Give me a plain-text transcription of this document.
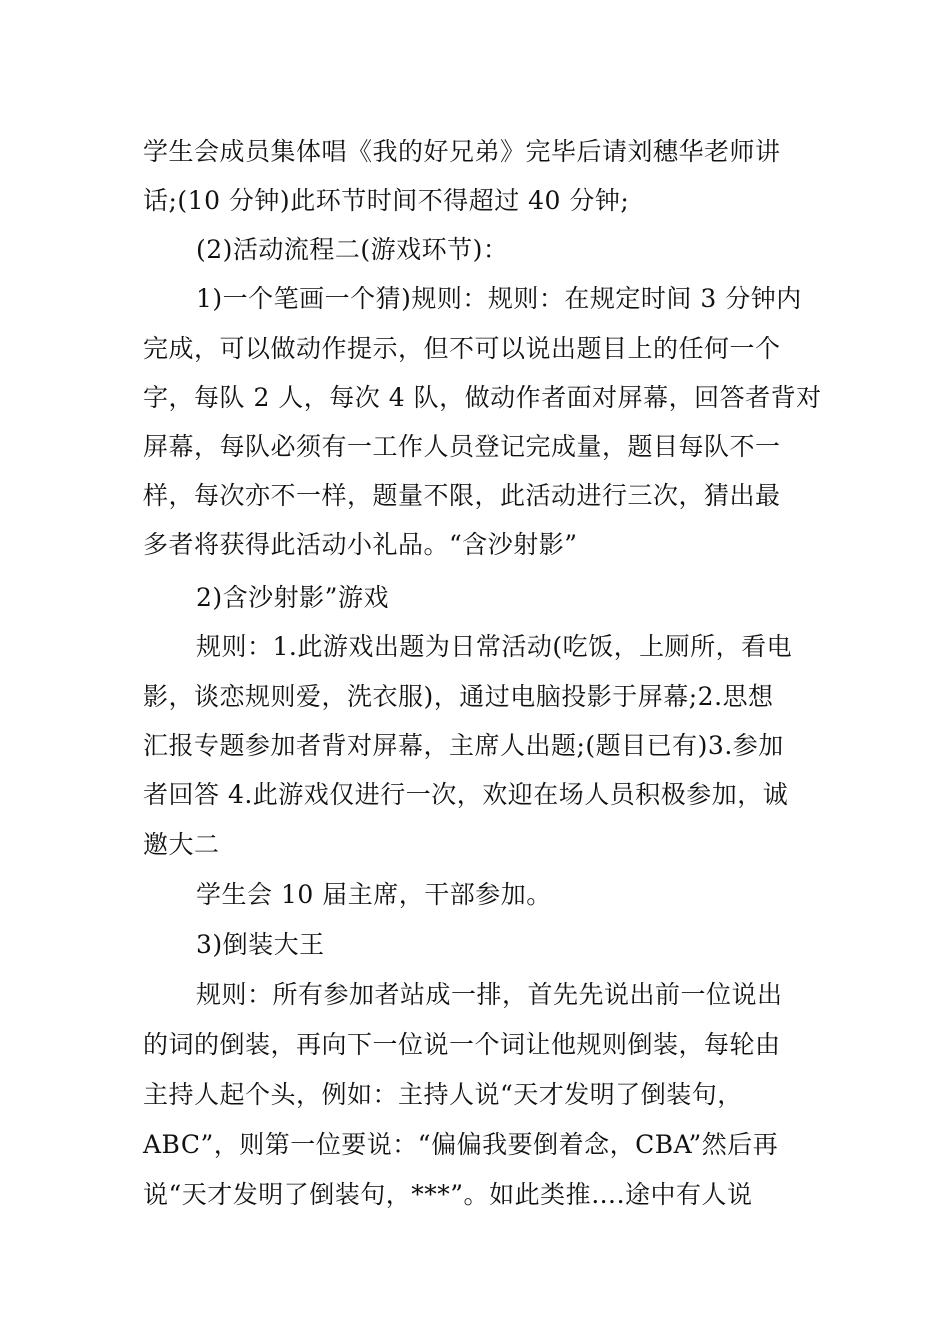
学生会成员集体唱《我的好兄弟》完毕后请刘穗华老师讲
话;(10 分钟)此环节时间不得超过 40 分钟;
(2)活动流程二(游戏环节)：
1)一个笔画一个猜)规则：规则：在规定时间 3 分钟内
完成，可以做动作提示，但不可以说出题目上的任何一个
字，每队 2 人，每次 4 队，做动作者面对屏幕，回答者背对
屏幕，每队必须有一工作人员登记完成量，题目每队不一
样，每次亦不一样，题量不限，此活动进行三次，猜出最
多者将获得此活动小礼品。“含沙射影”
2)含沙射影”游戏
规则：1.此游戏出题为日常活动(吃饭，上厕所，看电
影，谈恋规则爱，洗衣服)，通过电脑投影于屏幕;2.思想
汇报专题参加者背对屏幕，主席人出题;(题目已有)3.参加
者回答 4.此游戏仅进行一次，欢迎在场人员积极参加，诚
邀大二
学生会 10 届主席，干部参加。
3)倒装大王
规则：所有参加者站成一排，首先先说出前一位说出
的词的倒装，再向下一位说一个词让他规则倒装，每轮由
主持人起个头，例如：主持人说“天才发明了倒装句，
ABC”，则第一位要说：“偏偏我要倒着念，CBA”然后再
说“天才发明了倒装句，***”。如此类推….途中有人说
